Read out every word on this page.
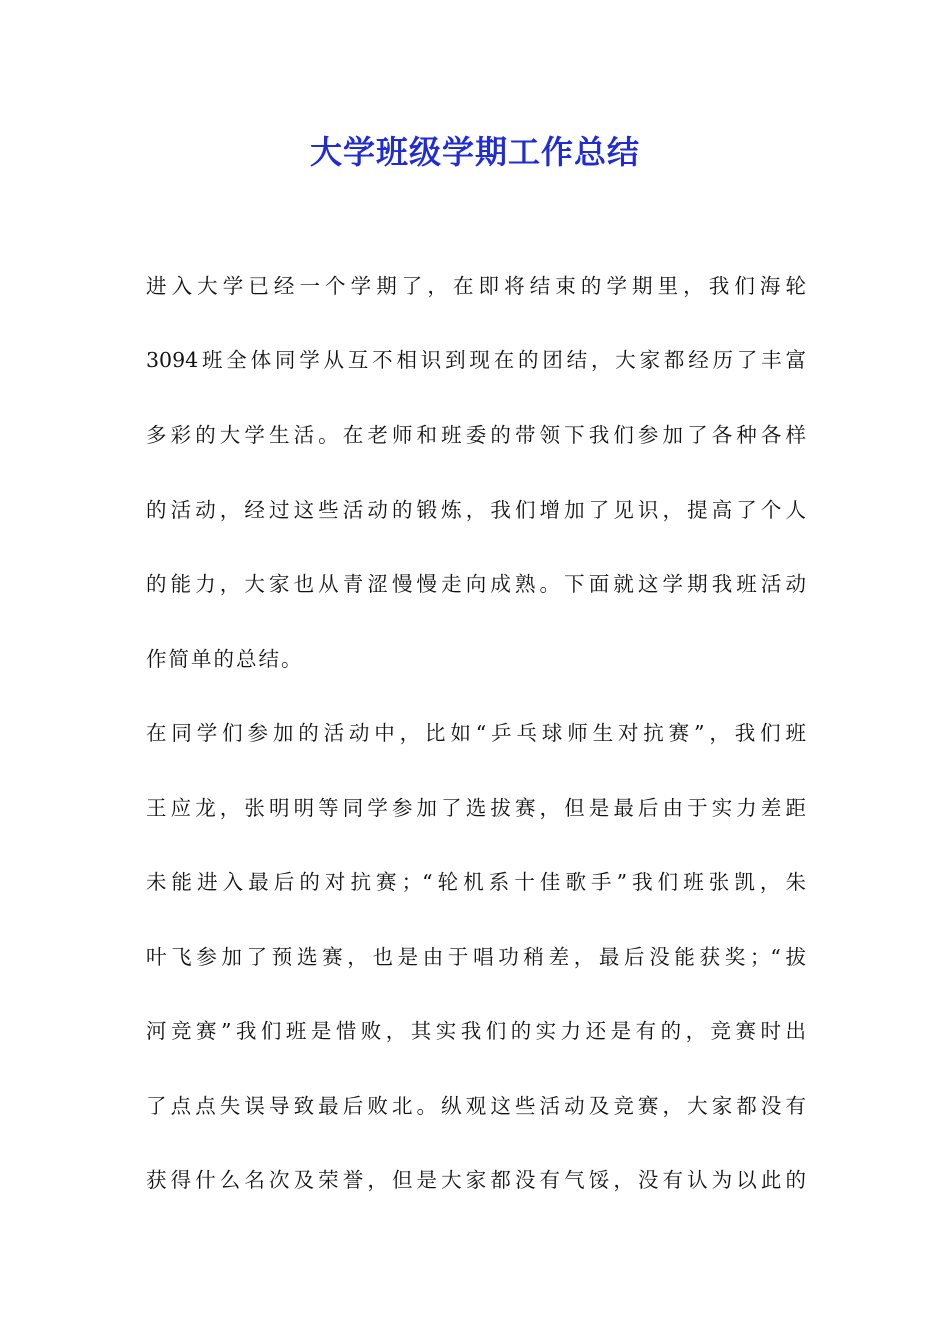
大学班级学期工作总结

进入大学已经一个学期了，在即将结束的学期里，我们海轮

3094班全体同学从互不相识到现在的团结，大家都经历了丰富

多彩的大学生活。在老师和班委的带领下我们参加了各种各样

的活动，经过这些活动的锻炼，我们增加了见识，提高了个人

的能力，大家也从青涩慢慢走向成熟。下面就这学期我班活动

作简单的总结。

在同学们参加的活动中，比如“乒乓球师生对抗赛”，我们班

王应龙，张明明等同学参加了选拔赛，但是最后由于实力差距

未能进入最后的对抗赛；“轮机系十佳歌手”我们班张凯，朱

叶飞参加了预选赛，也是由于唱功稍差，最后没能获奖；“拔

河竞赛”我们班是惜败，其实我们的实力还是有的，竞赛时出

了点点失误导致最后败北。纵观这些活动及竞赛，大家都没有

获得什么名次及荣誉，但是大家都没有气馁，没有认为以此的
